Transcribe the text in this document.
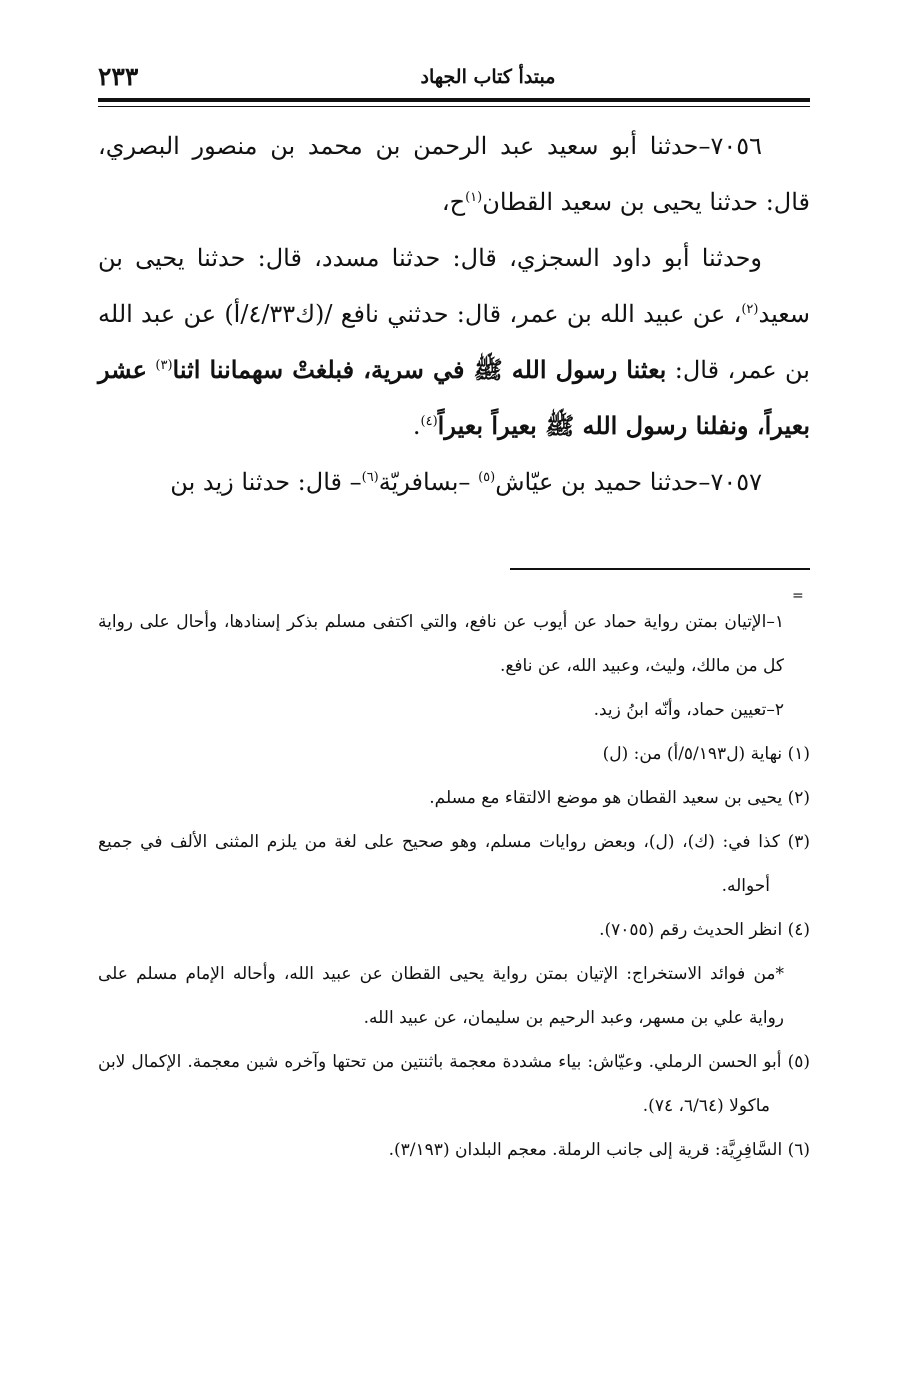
٢٣٣	مبتدأ كتاب الجهاد

٧٠٥٦–حدثنا أبو سعيد عبد الرحمن بن محمد بن منصور البصري، قال: حدثنا يحيى بن سعيد القطان$^{(١)}$ح،

وحدثنا أبو داود السجزي، قال: حدثنا مسدد، قال: حدثنا يحيى بن سعيد$^{(٢)}$، عن عبيد الله بن عمر، قال: حدثني نافع /(ك٤/٣٣/أ) عن عبد الله بن عمر، قال: بعثنا رسول الله ﷺ في سرية، فبلغتْ سهماننا اثنا$^{(٣)}$ عشر بعيراً، ونفلنا رسول الله ﷺ بعيراً بعيراً$^{(٤)}$.

٧٠٥٧–حدثنا حميد بن عيّاش$^{(٥)}$ –بسافريّة$^{(٦)}$– قال: حدثنا زيد بن

=

١–الإتيان بمتن رواية حماد عن أيوب عن نافع، والتي اكتفى مسلم بذكر إسنادها، وأحال على رواية كل من مالك، وليث، وعبيد الله، عن نافع.

٢–تعيين حماد، وأنّه ابنُ زيد.

(١) نهاية (ل٥/١٩٣/أ) من: (ل)

(٢) يحيى بن سعيد القطان هو موضع الالتقاء مع مسلم.

(٣) كذا في: (ك)، (ل)، وبعض روايات مسلم، وهو صحيح على لغة من يلزم المثنى الألف في جميع أحواله.

(٤) انظر الحديث رقم (٧٠٥٥).

*من فوائد الاستخراج: الإتيان بمتن رواية يحيى القطان عن عبيد الله، وأحاله الإمام مسلم على رواية علي بن مسهر، وعبد الرحيم بن سليمان، عن عبيد الله.

(٥) أبو الحسن الرملي. وعيّاش: بياء مشددة معجمة باثنتين من تحتها وآخره شين معجمة. الإكمال لابن ماكولا (٦/٦٤، ٧٤).

(٦) السَّافِرِيَّة: قرية إلى جانب الرملة. معجم البلدان (٣/١٩٣).
